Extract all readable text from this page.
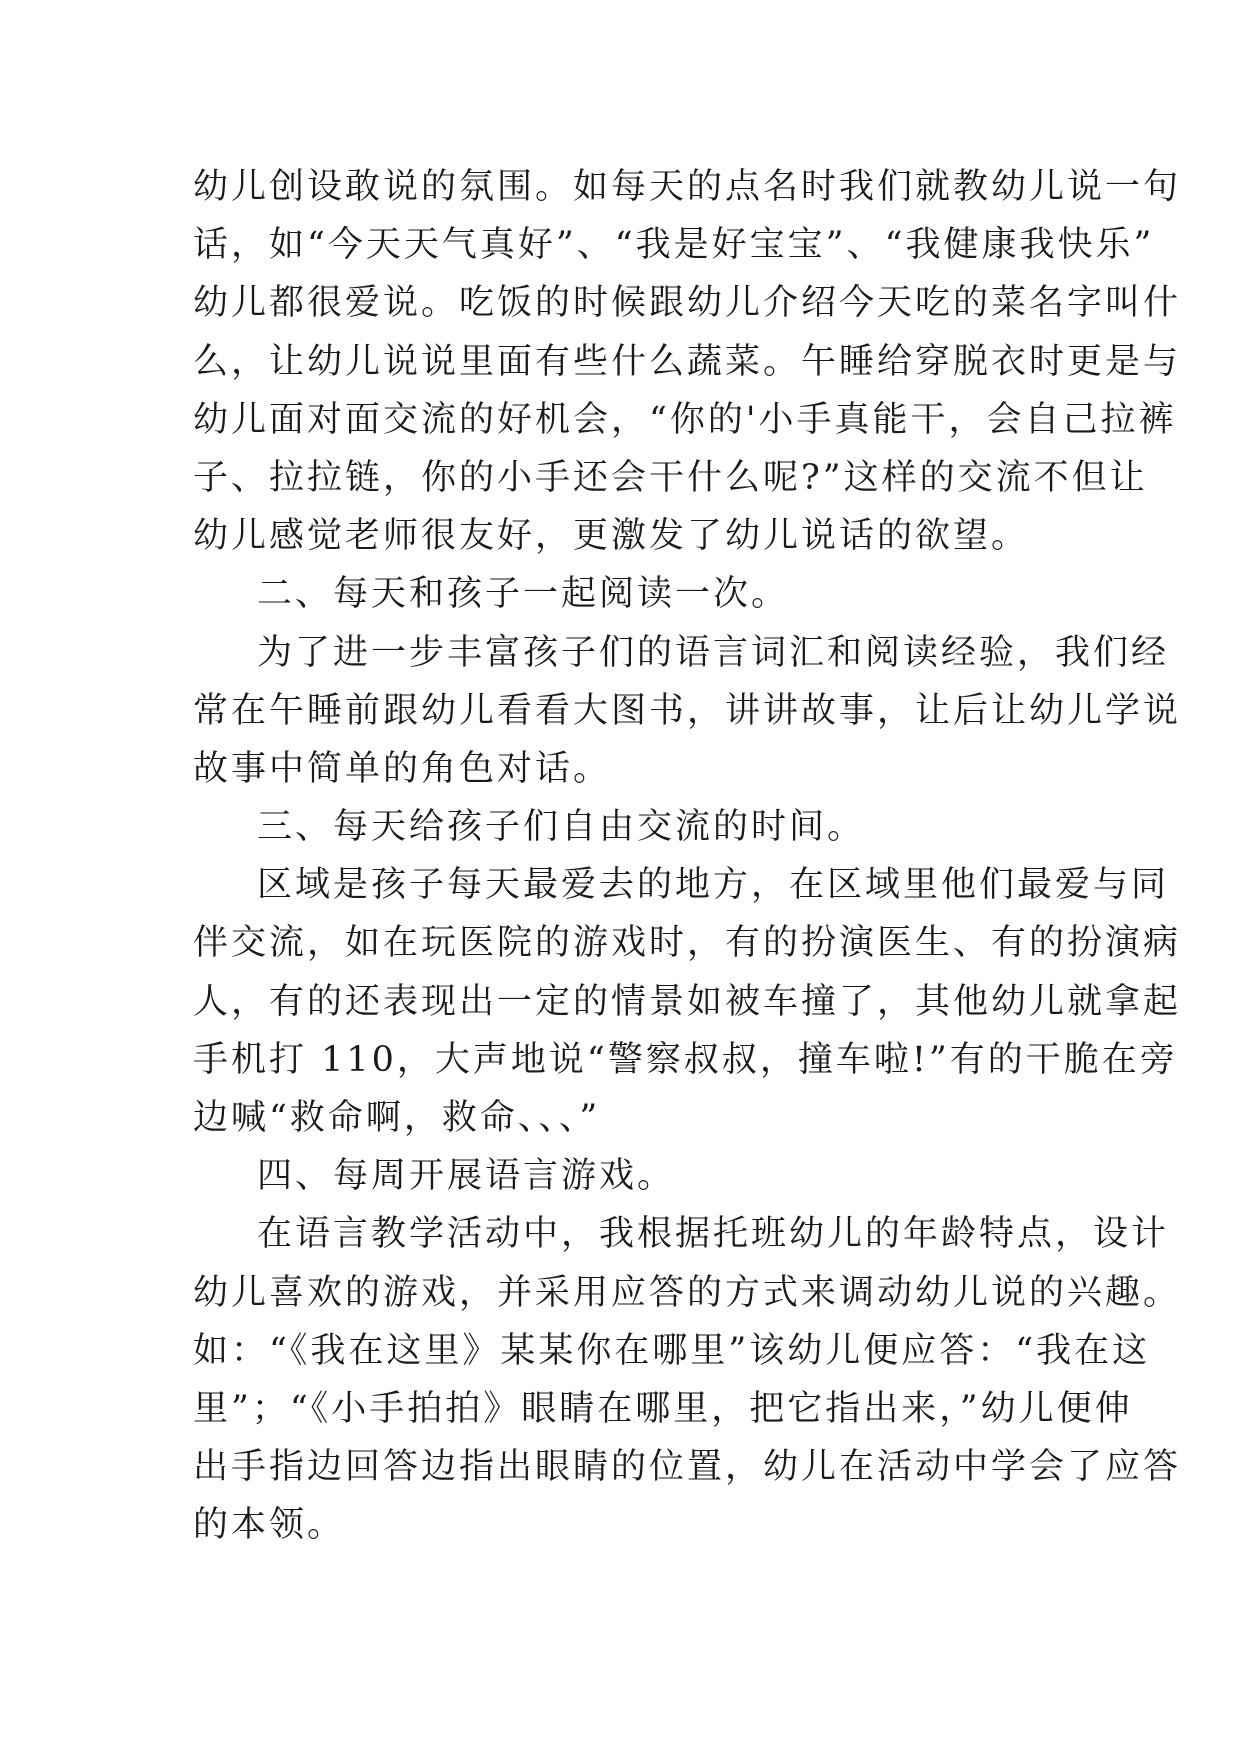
幼儿创设敢说的氛围。如每天的点名时我们就教幼儿说一句
话，如“今天天气真好”、“我是好宝宝”、“我健康我快乐”
幼儿都很爱说。吃饭的时候跟幼儿介绍今天吃的菜名字叫什
么，让幼儿说说里面有些什么蔬菜。午睡给穿脱衣时更是与
幼儿面对面交流的好机会，“你的'小手真能干，会自己拉裤
子、拉拉链，你的小手还会干什么呢?”这样的交流不但让
幼儿感觉老师很友好，更激发了幼儿说话的欲望。
二、每天和孩子一起阅读一次。
为了进一步丰富孩子们的语言词汇和阅读经验，我们经
常在午睡前跟幼儿看看大图书，讲讲故事，让后让幼儿学说
故事中简单的角色对话。
三、每天给孩子们自由交流的时间。
区域是孩子每天最爱去的地方，在区域里他们最爱与同
伴交流，如在玩医院的游戏时，有的扮演医生、有的扮演病
人，有的还表现出一定的情景如被车撞了，其他幼儿就拿起
手机打 110，大声地说“警察叔叔，撞车啦!”有的干脆在旁
边喊“救命啊，救命、、、”
四、每周开展语言游戏。
在语言教学活动中，我根据托班幼儿的年龄特点，设计
幼儿喜欢的游戏，并采用应答的方式来调动幼儿说的兴趣。
如：“《我在这里》某某你在哪里”该幼儿便应答：“我在这
里”；“《小手拍拍》眼睛在哪里，把它指出来，”幼儿便伸
出手指边回答边指出眼睛的位置，幼儿在活动中学会了应答
的本领。
